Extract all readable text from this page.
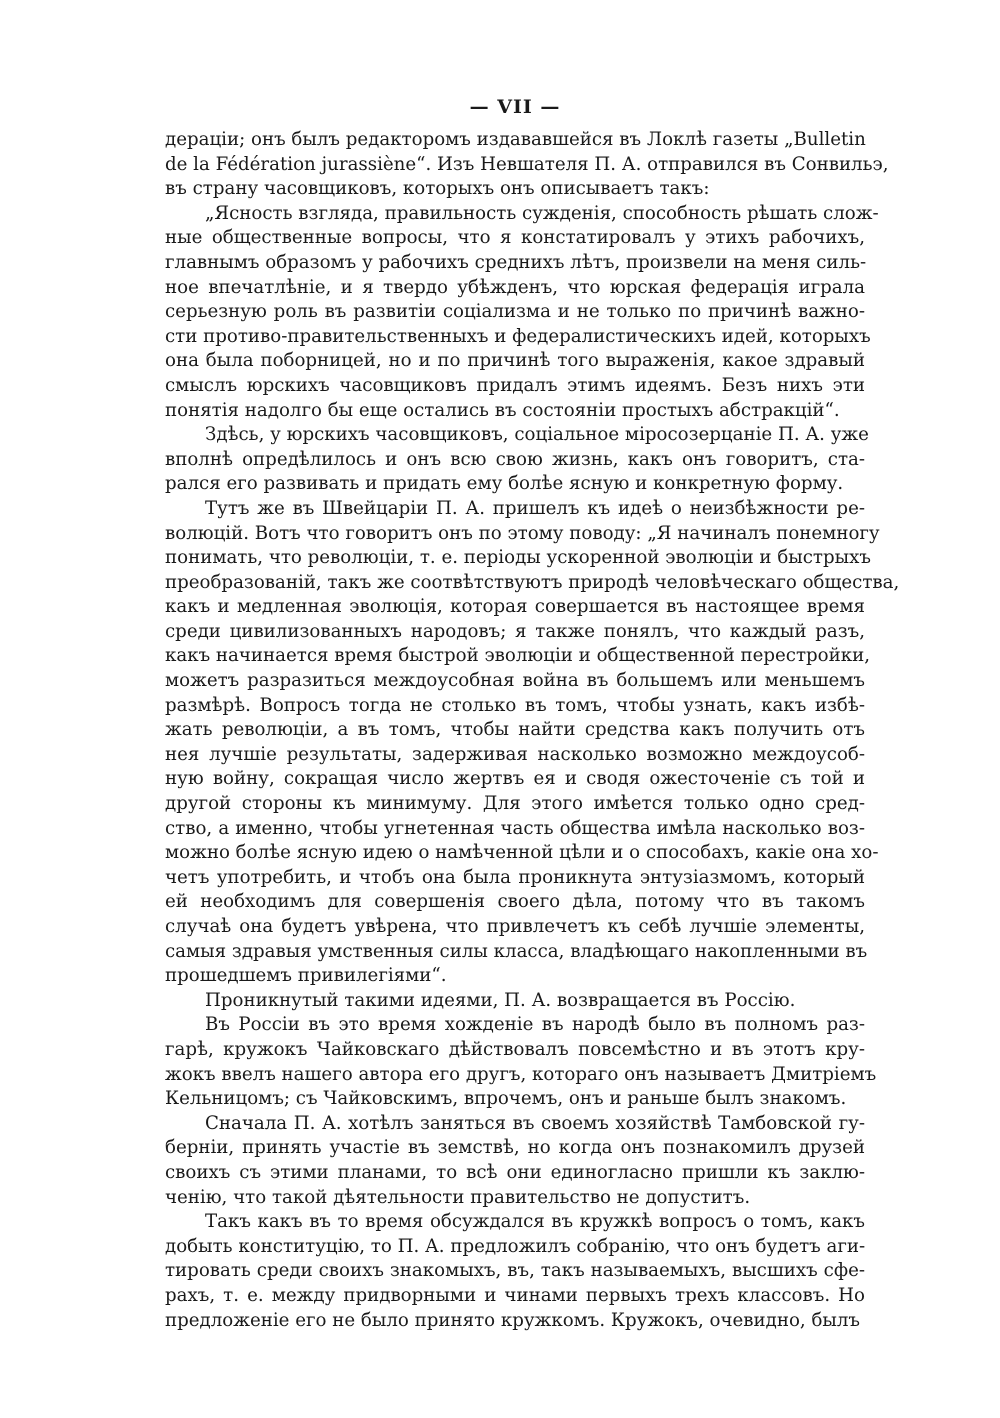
— VII —
дерацiи; онъ былъ редакторомъ издававшейся въ Локлѣ газеты „Bulletin
de la Fédération jurassiène“. Изъ Невшателя П. А. отправился въ Сонвильэ,
въ страну часовщиковъ, которыхъ онъ описываетъ такъ:
„Ясность взгляда, правильность сужденiя, способность рѣшать слож-
ные общественные вопросы, что я констатировалъ у этихъ рабочихъ,
главнымъ образомъ у рабочихъ среднихъ лѣтъ, произвели на меня силь-
ное впечатлѣнiе, и я твердо убѣжденъ, что юрская федерацiя играла
серьезную роль въ развитiи соцiализма и не только по причинѣ важно-
сти противо-правительственныхъ и федералистическихъ идей, которыхъ
она была поборницей, но и по причинѣ того выраженiя, какое здравый
смыслъ юрскихъ часовщиковъ придалъ этимъ идеямъ. Безъ нихъ эти
понятiя надолго бы еще остались въ состоянiи простыхъ абстракцiй“.
Здѣсь, у юрскихъ часовщиковъ, соцiальное мiросозерцанiе П. А. уже
вполнѣ опредѣлилось и онъ всю свою жизнь, какъ онъ говоритъ, ста-
рался его развивать и придать ему болѣе ясную и конкретную форму.
Тутъ же въ Швейцарiи П. А. пришелъ къ идеѣ о неизбѣжности ре-
волюцiй. Вотъ что говоритъ онъ по этому поводу: „Я начиналъ понемногу
понимать, что революцiи, т. е. перiоды ускоренной эволюцiи и быстрыхъ
преобразованiй, такъ же соотвѣтствуютъ природѣ человѣческаго общества,
какъ и медленная эволюцiя, которая совершается въ настоящее время
среди цивилизованныхъ народовъ; я также понялъ, что каждый разъ,
какъ начинается время быстрой эволюцiи и общественной перестройки,
можетъ разразиться междоусобная война въ большемъ или меньшемъ
размѣрѣ. Вопросъ тогда не столько въ томъ, чтобы узнать, какъ избѣ-
жать революцiи, а въ томъ, чтобы найти средства какъ получить отъ
нея лучшiе результаты, задерживая насколько возможно междоусоб-
ную войну, сокращая число жертвъ ея и сводя ожесточенiе съ той и
другой стороны къ минимуму. Для этого имѣется только одно сред-
ство, а именно, чтобы угнетенная часть общества имѣла насколько воз-
можно болѣе ясную идею о намѣченной цѣли и о способахъ, какiе она хо-
четъ употребить, и чтобъ она была проникнута энтузiазмомъ, который
ей необходимъ для совершенiя своего дѣла, потому что въ такомъ
случаѣ она будетъ увѣрена, что привлечетъ къ себѣ лучшiе элементы,
самыя здравыя умственныя силы класса, владѣющаго накопленными въ
прошедшемъ привилегiями“.
Проникнутый такими идеями, П. А. возвращается въ Россiю.
Въ Россiи въ это время хожденiе въ народѣ было въ полномъ раз-
гарѣ, кружокъ Чайковскаго дѣйствовалъ повсемѣстно и въ этотъ кру-
жокъ ввелъ нашего автора его другъ, котораго онъ называетъ Дмитрiемъ
Кельницомъ; съ Чайковскимъ, впрочемъ, онъ и раньше былъ знакомъ.
Сначала П. А. хотѣлъ заняться въ своемъ хозяйствѣ Тамбовской гу-
бернiи, принять участiе въ земствѣ, но когда онъ познакомилъ друзей
своихъ съ этими планами, то всѣ они единогласно пришли къ заклю-
ченiю, что такой дѣятельности правительство не допуститъ.
Такъ какъ въ то время обсуждался въ кружкѣ вопросъ о томъ, какъ
добыть конституцiю, то П. А. предложилъ собранiю, что онъ будетъ аги-
тировать среди своихъ знакомыхъ, въ, такъ называемыхъ, высшихъ сфе-
рахъ, т. е. между придворными и чинами первыхъ трехъ классовъ. Но
предложенiе его не было принято кружкомъ. Кружокъ, очевидно, былъ
